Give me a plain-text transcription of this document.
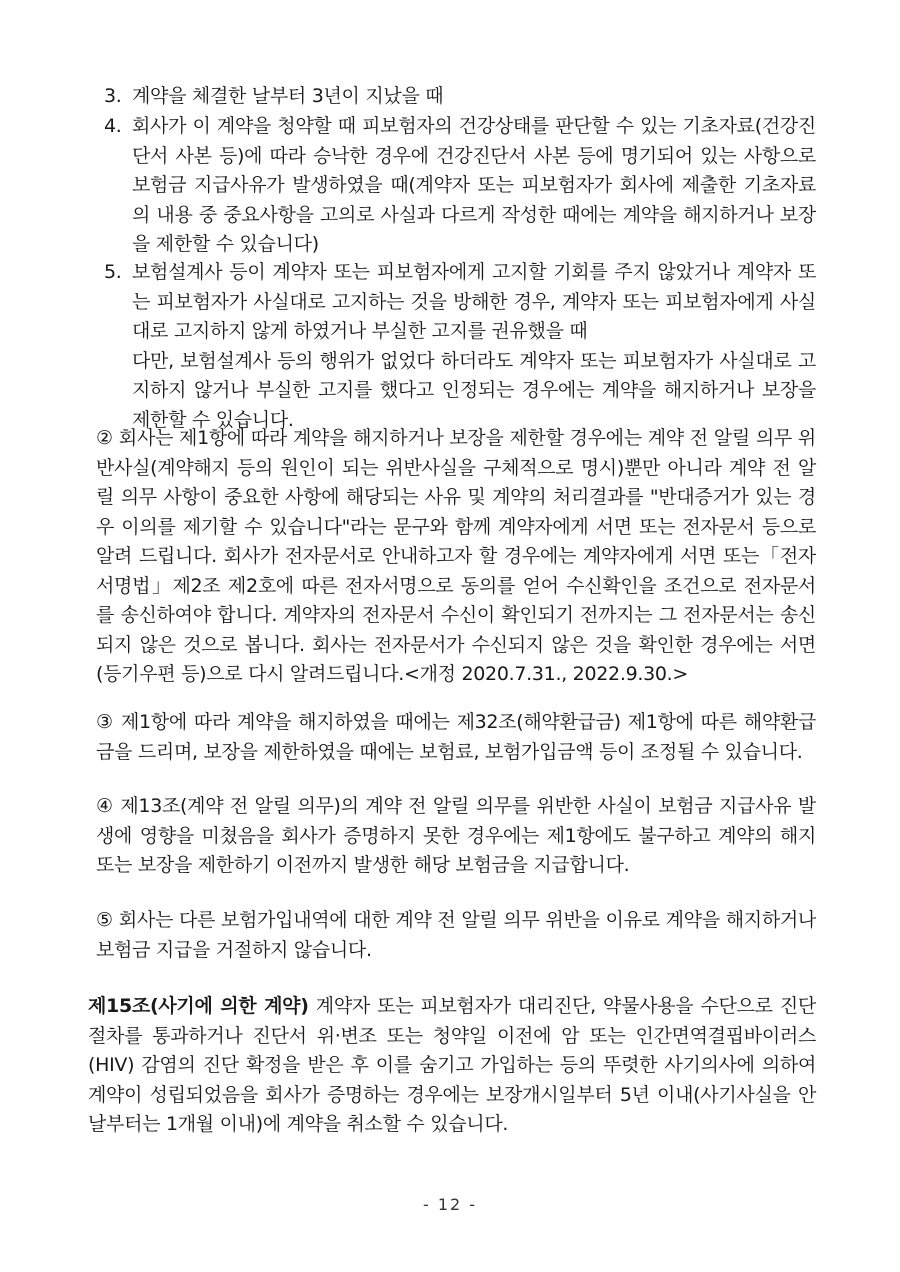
3. 계약을 체결한 날부터 3년이 지났을 때
4. 회사가 이 계약을 청약할 때 피보험자의 건강상태를 판단할 수 있는 기초자료(건강진단서 사본 등)에 따라 승낙한 경우에 건강진단서 사본 등에 명기되어 있는 사항으로 보험금 지급사유가 발생하였을 때(계약자 또는 피보험자가 회사에 제출한 기초자료의 내용 중 중요사항을 고의로 사실과 다르게 작성한 때에는 계약을 해지하거나 보장을 제한할 수 있습니다)
5. 보험설계사 등이 계약자 또는 피보험자에게 고지할 기회를 주지 않았거나 계약자 또는 피보험자가 사실대로 고지하는 것을 방해한 경우, 계약자 또는 피보험자에게 사실대로 고지하지 않게 하였거나 부실한 고지를 권유했을 때
다만, 보험설계사 등의 행위가 없었다 하더라도 계약자 또는 피보험자가 사실대로 고지하지 않거나 부실한 고지를 했다고 인정되는 경우에는 계약을 해지하거나 보장을 제한할 수 있습니다.
② 회사는 제1항에 따라 계약을 해지하거나 보장을 제한할 경우에는 계약 전 알릴 의무 위반사실(계약해지 등의 원인이 되는 위반사실을 구체적으로 명시)뿐만 아니라 계약 전 알릴 의무 사항이 중요한 사항에 해당되는 사유 및 계약의 처리결과를 "반대증거가 있는 경우 이의를 제기할 수 있습니다"라는 문구와 함께 계약자에게 서면 또는 전자문서 등으로 알려 드립니다. 회사가 전자문서로 안내하고자 할 경우에는 계약자에게 서면 또는「전자서명법」제2조 제2호에 따른 전자서명으로 동의를 얻어 수신확인을 조건으로 전자문서를 송신하여야 합니다. 계약자의 전자문서 수신이 확인되기 전까지는 그 전자문서는 송신되지 않은 것으로 봅니다. 회사는 전자문서가 수신되지 않은 것을 확인한 경우에는 서면(등기우편 등)으로 다시 알려드립니다.<개정 2020.7.31., 2022.9.30.>
③ 제1항에 따라 계약을 해지하였을 때에는 제32조(해약환급금) 제1항에 따른 해약환급금을 드리며, 보장을 제한하였을 때에는 보험료, 보험가입금액 등이 조정될 수 있습니다.
④ 제13조(계약 전 알릴 의무)의 계약 전 알릴 의무를 위반한 사실이 보험금 지급사유 발생에 영향을 미쳤음을 회사가 증명하지 못한 경우에는 제1항에도 불구하고 계약의 해지 또는 보장을 제한하기 이전까지 발생한 해당 보험금을 지급합니다.
⑤ 회사는 다른 보험가입내역에 대한 계약 전 알릴 의무 위반을 이유로 계약을 해지하거나 보험금 지급을 거절하지 않습니다.
제15조(사기에 의한 계약) 계약자 또는 피보험자가 대리진단, 약물사용을 수단으로 진단절차를 통과하거나 진단서 위·변조 또는 청약일 이전에 암 또는 인간면역결핍바이러스(HIV) 감염의 진단 확정을 받은 후 이를 숨기고 가입하는 등의 뚜렷한 사기의사에 의하여 계약이 성립되었음을 회사가 증명하는 경우에는 보장개시일부터 5년 이내(사기사실을 안 날부터는 1개월 이내)에 계약을 취소할 수 있습니다.
- 12 -
